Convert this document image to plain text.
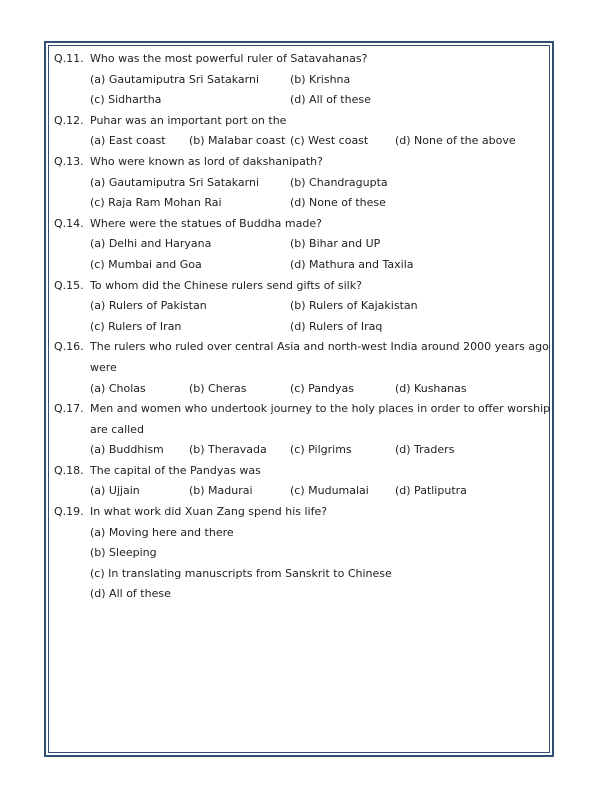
Q.11. Who was the most powerful ruler of Satavahanas?
(a) Gautamiputra Sri Satakarni	(b) Krishna
(c) Sidhartha	(d) All of these
Q.12. Puhar was an important port on the
(a) East coast (b) Malabar coast (c) West coast (d) None of the above
Q.13. Who were known as lord of dakshanipath?
(a) Gautamiputra Sri Satakarni	(b) Chandragupta
(c) Raja Ram Mohan Rai	(d) None of these
Q.14. Where were the statues of Buddha made?
(a) Delhi and Haryana	(b) Bihar and UP
(c) Mumbai and Goa	(d) Mathura and Taxila
Q.15. To whom did the Chinese rulers send gifts of silk?
(a) Rulers of Pakistan	(b) Rulers of Kajakistan
(c) Rulers of Iran	(d) Rulers of Iraq
Q.16. The rulers who ruled over central Asia and north-west India around 2000 years ago
were
(a) Cholas	(b) Cheras	(c) Pandyas	(d) Kushanas
Q.17. Men and women who undertook journey to the holy places in order to offer worship
are called
(a) Buddhism (b) Theravada (c) Pilgrims	(d) Traders
Q.18. The capital of the Pandyas was
(a) Ujjain	(b) Madurai	(c) Mudumalai (d) Patliputra
Q.19. In what work did Xuan Zang spend his life?
(a) Moving here and there
(b) Sleeping
(c) In translating manuscripts from Sanskrit to Chinese
(d) All of these
